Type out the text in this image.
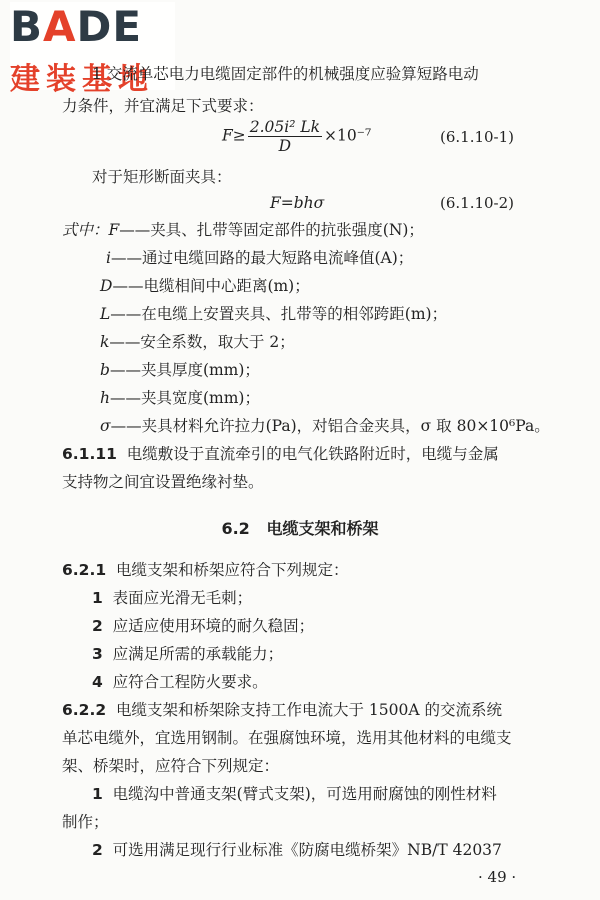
BADE
建装基地
1 交流单芯电力电缆固定部件的机械强度应验算短路电动
力条件，并宜满足下式要求：
$F\ge \frac{\text{2.05i² Lk}}{D} \times 10^{-7}$	(6.1.10-1)
对于矩形断面夹具：
F=bhσ	(6.1.10-2)
式中：F——夹具、扎带等固定部件的抗张强度(N)；
i——通过电缆回路的最大短路电流峰值(A)；
D——电缆相间中心距离(m)；
L——在电缆上安置夹具、扎带等的相邻跨距(m)；
k——安全系数，取大于 2；
b——夹具厚度(mm)；
h——夹具宽度(mm)；
σ——夹具材料允许拉力(Pa)，对铝合金夹具，σ 取 80×10⁶Pa。
6.1.11 电缆敷设于直流牵引的电气化铁路附近时，电缆与金属
支持物之间宜设置绝缘衬垫。
6.2 电缆支架和桥架
6.2.1 电缆支架和桥架应符合下列规定：
1 表面应光滑无毛刺；
2 应适应使用环境的耐久稳固；
3 应满足所需的承载能力；
4 应符合工程防火要求。
6.2.2 电缆支架和桥架除支持工作电流大于 1500A 的交流系统
单芯电缆外，宜选用钢制。在强腐蚀环境，选用其他材料的电缆支
架、桥架时，应符合下列规定：
1 电缆沟中普通支架(臂式支架)，可选用耐腐蚀的刚性材料
制作；
2 可选用满足现行行业标准《防腐电缆桥架》NB/T 42037
· 49 ·
